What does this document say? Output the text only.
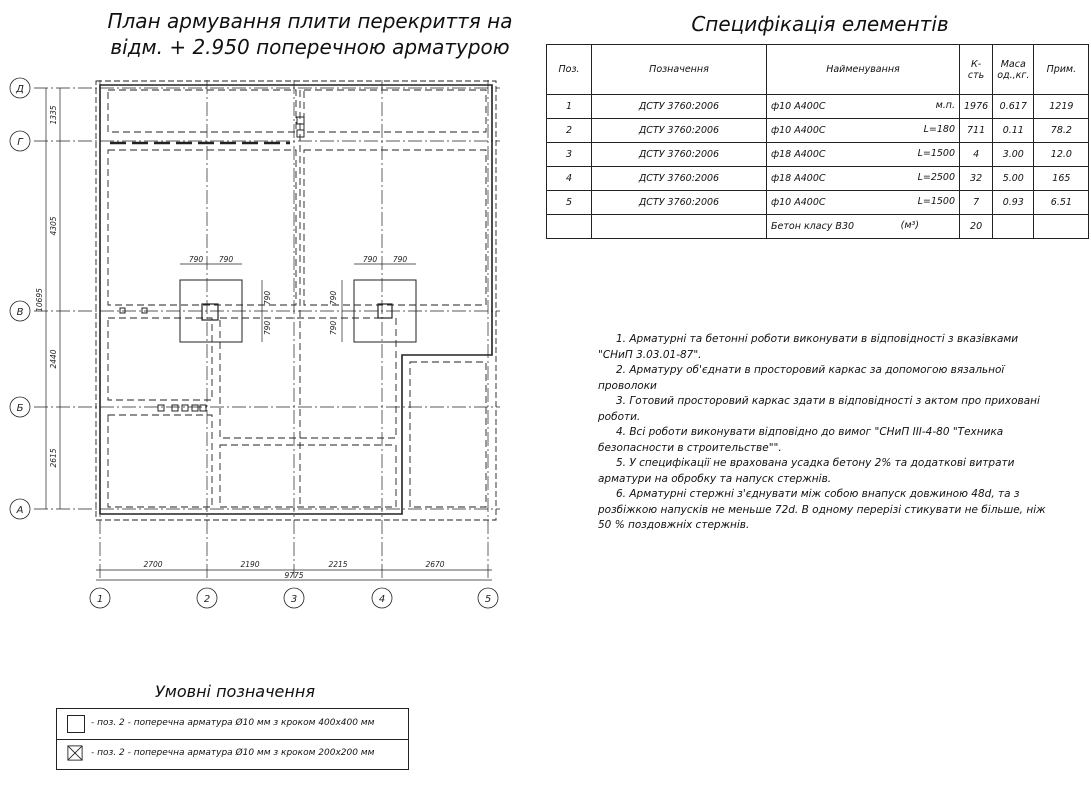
План армування плити перекриття на
відм. + 2.950 поперечною арматурою
Д
Г
В
Б
А
1	2	3	4	5
2700	2190	2215	2670
9775
790 790	790 790
790
790
790
790
1335
4305
10695
2440
2615
Специфікація елементів
Поз.	Позначення	Найменування	К-сть	Маса од.,кг.	Прим.
1	ДСТУ 3760:2006	ф10 А400С м.п.	1976	0.617	1219
2	ДСТУ 3760:2006	ф10 А400С L=180	711	0.11	78.2
3	ДСТУ 3760:2006	ф18 А400С L=1500	4	3.00	12.0
4	ДСТУ 3760:2006	ф18 А400С L=2500	32	5.00	165
5	ДСТУ 3760:2006	ф10 А400С L=1500	7	0.93	6.51
		Бетон класу В30 (м³)	20		

1. Арматурні та бетонні роботи виконувати в відповідності з вказівками "СНиП 3.03.01-87".

2. Арматуру об'єднати в просторовий каркас за допомогою вязальної проволоки

3. Готовий просторовий каркас здати в відповідності з актом про приховані роботи.

4. Всі роботи виконувати відповідно до вимог "СНиП III-4-80 "Техника безопасности в строительстве"".

5. У специфікації не врахована усадка бетону 2% та додаткові витрати арматури на обробку та напуск стержнів.

6. Арматурні стержні з'єднувати між собою внапуск довжиною 48d, та з розбіжкою напусків не меньше 72d. В одному перерізі стикувати не більше, ніж 50 % поздовжніх стержнів.

Умовні позначення
- поз. 2 - поперечна арматура Ø10 мм з кроком 400х400 мм
- поз. 2 - поперечна арматура Ø10 мм з кроком 200х200 мм
